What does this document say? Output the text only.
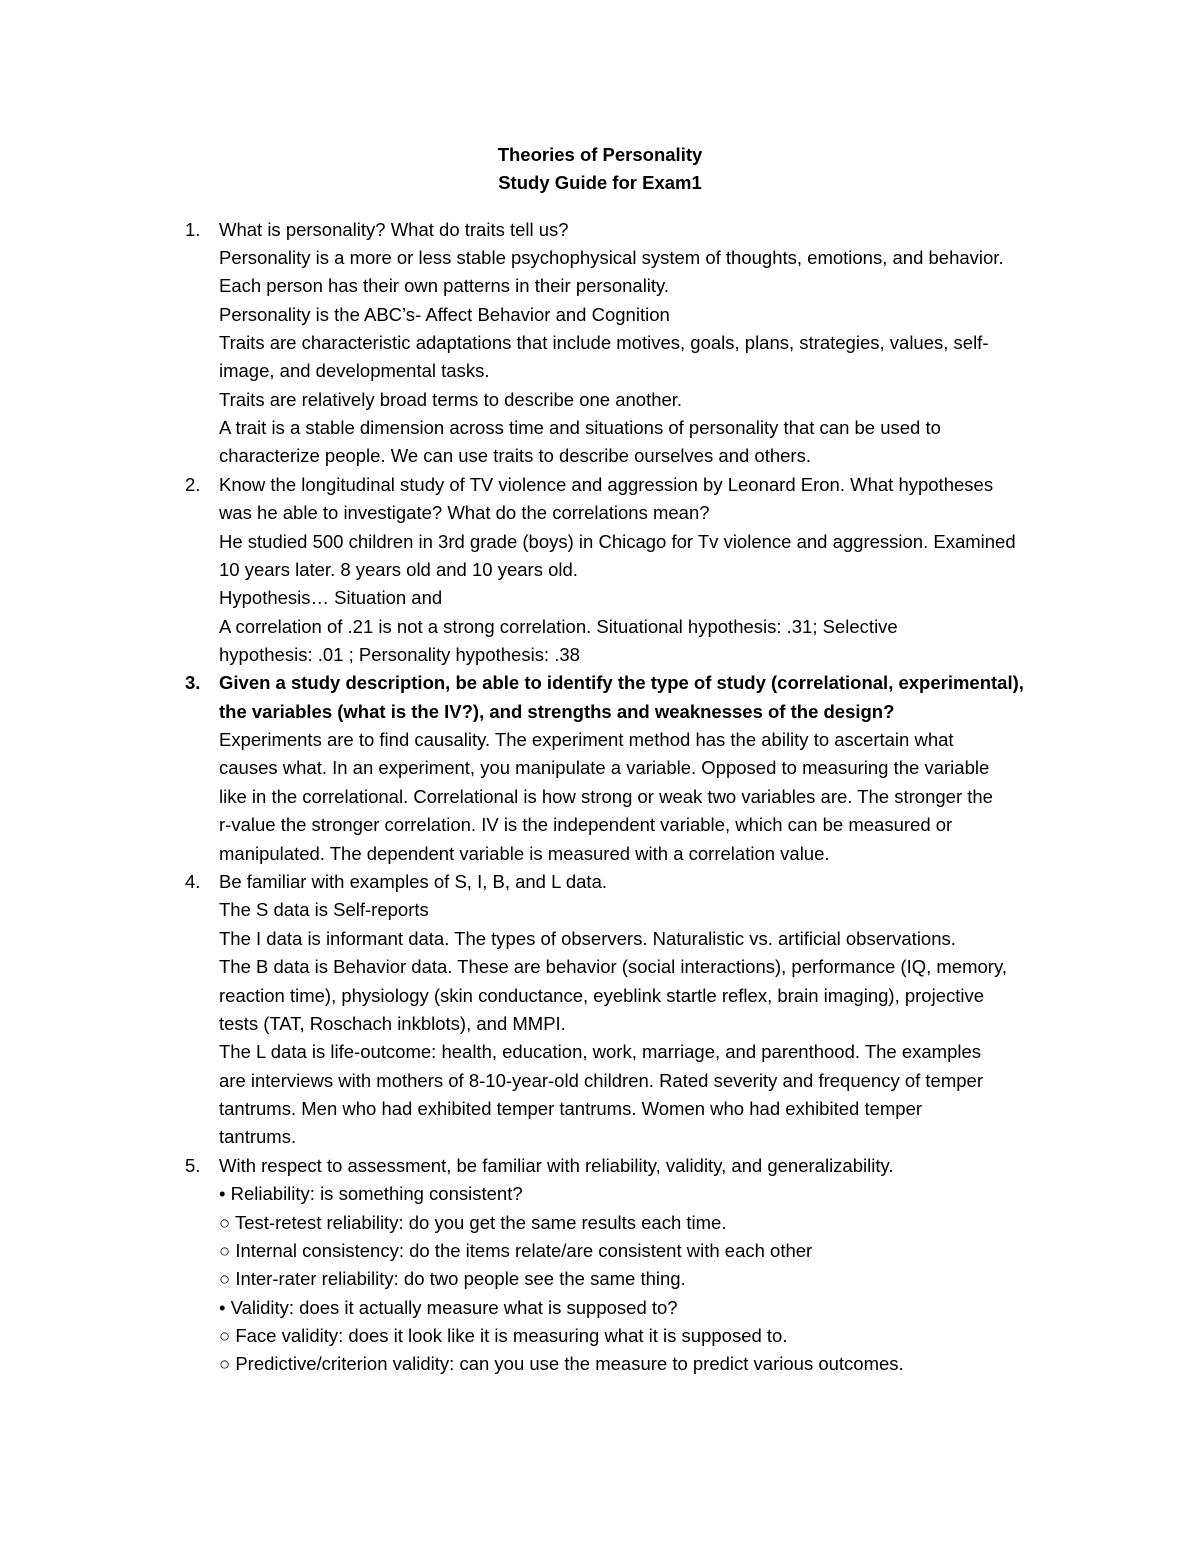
Theories of Personality
Study Guide for Exam1
1.	What is personality? What do traits tell us?
Personality is a more or less stable psychophysical system of thoughts, emotions, and behavior.
Each person has their own patterns in their personality.
Personality is the ABC’s- Affect Behavior and Cognition
Traits are characteristic adaptations that include motives, goals, plans, strategies, values, self-
image, and developmental tasks.
Traits are relatively broad terms to describe one another.
A trait is a stable dimension across time and situations of personality that can be used to
characterize people. We can use traits to describe ourselves and others.
2.	Know the longitudinal study of TV violence and aggression by Leonard Eron. What hypotheses
was he able to investigate? What do the correlations mean?
He studied 500 children in 3rd grade (boys) in Chicago for Tv violence and aggression. Examined
10 years later. 8 years old and 10 years old.
Hypothesis… Situation and
A correlation of .21 is not a strong correlation. Situational hypothesis: .31; Selective
hypothesis: .01 ; Personality hypothesis: .38
3.	Given a study description, be able to identify the type of study (correlational, experimental),
the variables (what is the IV?), and strengths and weaknesses of the design?
Experiments are to find causality. The experiment method has the ability to ascertain what
causes what. In an experiment, you manipulate a variable. Opposed to measuring the variable
like in the correlational. Correlational is how strong or weak two variables are. The stronger the
r-value the stronger correlation. IV is the independent variable, which can be measured or
manipulated. The dependent variable is measured with a correlation value.
4.	Be familiar with examples of S, I, B, and L data.
The S data is Self-reports
The I data is informant data. The types of observers. Naturalistic vs. artificial observations.
The B data is Behavior data. These are behavior (social interactions), performance (IQ, memory,
reaction time), physiology (skin conductance, eyeblink startle reflex, brain imaging), projective
tests (TAT, Roschach inkblots), and MMPI.
The L data is life-outcome: health, education, work, marriage, and parenthood. The examples
are interviews with mothers of 8-10-year-old children. Rated severity and frequency of temper
tantrums. Men who had exhibited temper tantrums. Women who had exhibited temper
tantrums.
5.	With respect to assessment, be familiar with reliability, validity, and generalizability.
• Reliability: is something consistent?
○ Test-retest reliability: do you get the same results each time.
○ Internal consistency: do the items relate/are consistent with each other
○ Inter-rater reliability: do two people see the same thing.
• Validity: does it actually measure what is supposed to?
○ Face validity: does it look like it is measuring what it is supposed to.
○ Predictive/criterion validity: can you use the measure to predict various outcomes.
